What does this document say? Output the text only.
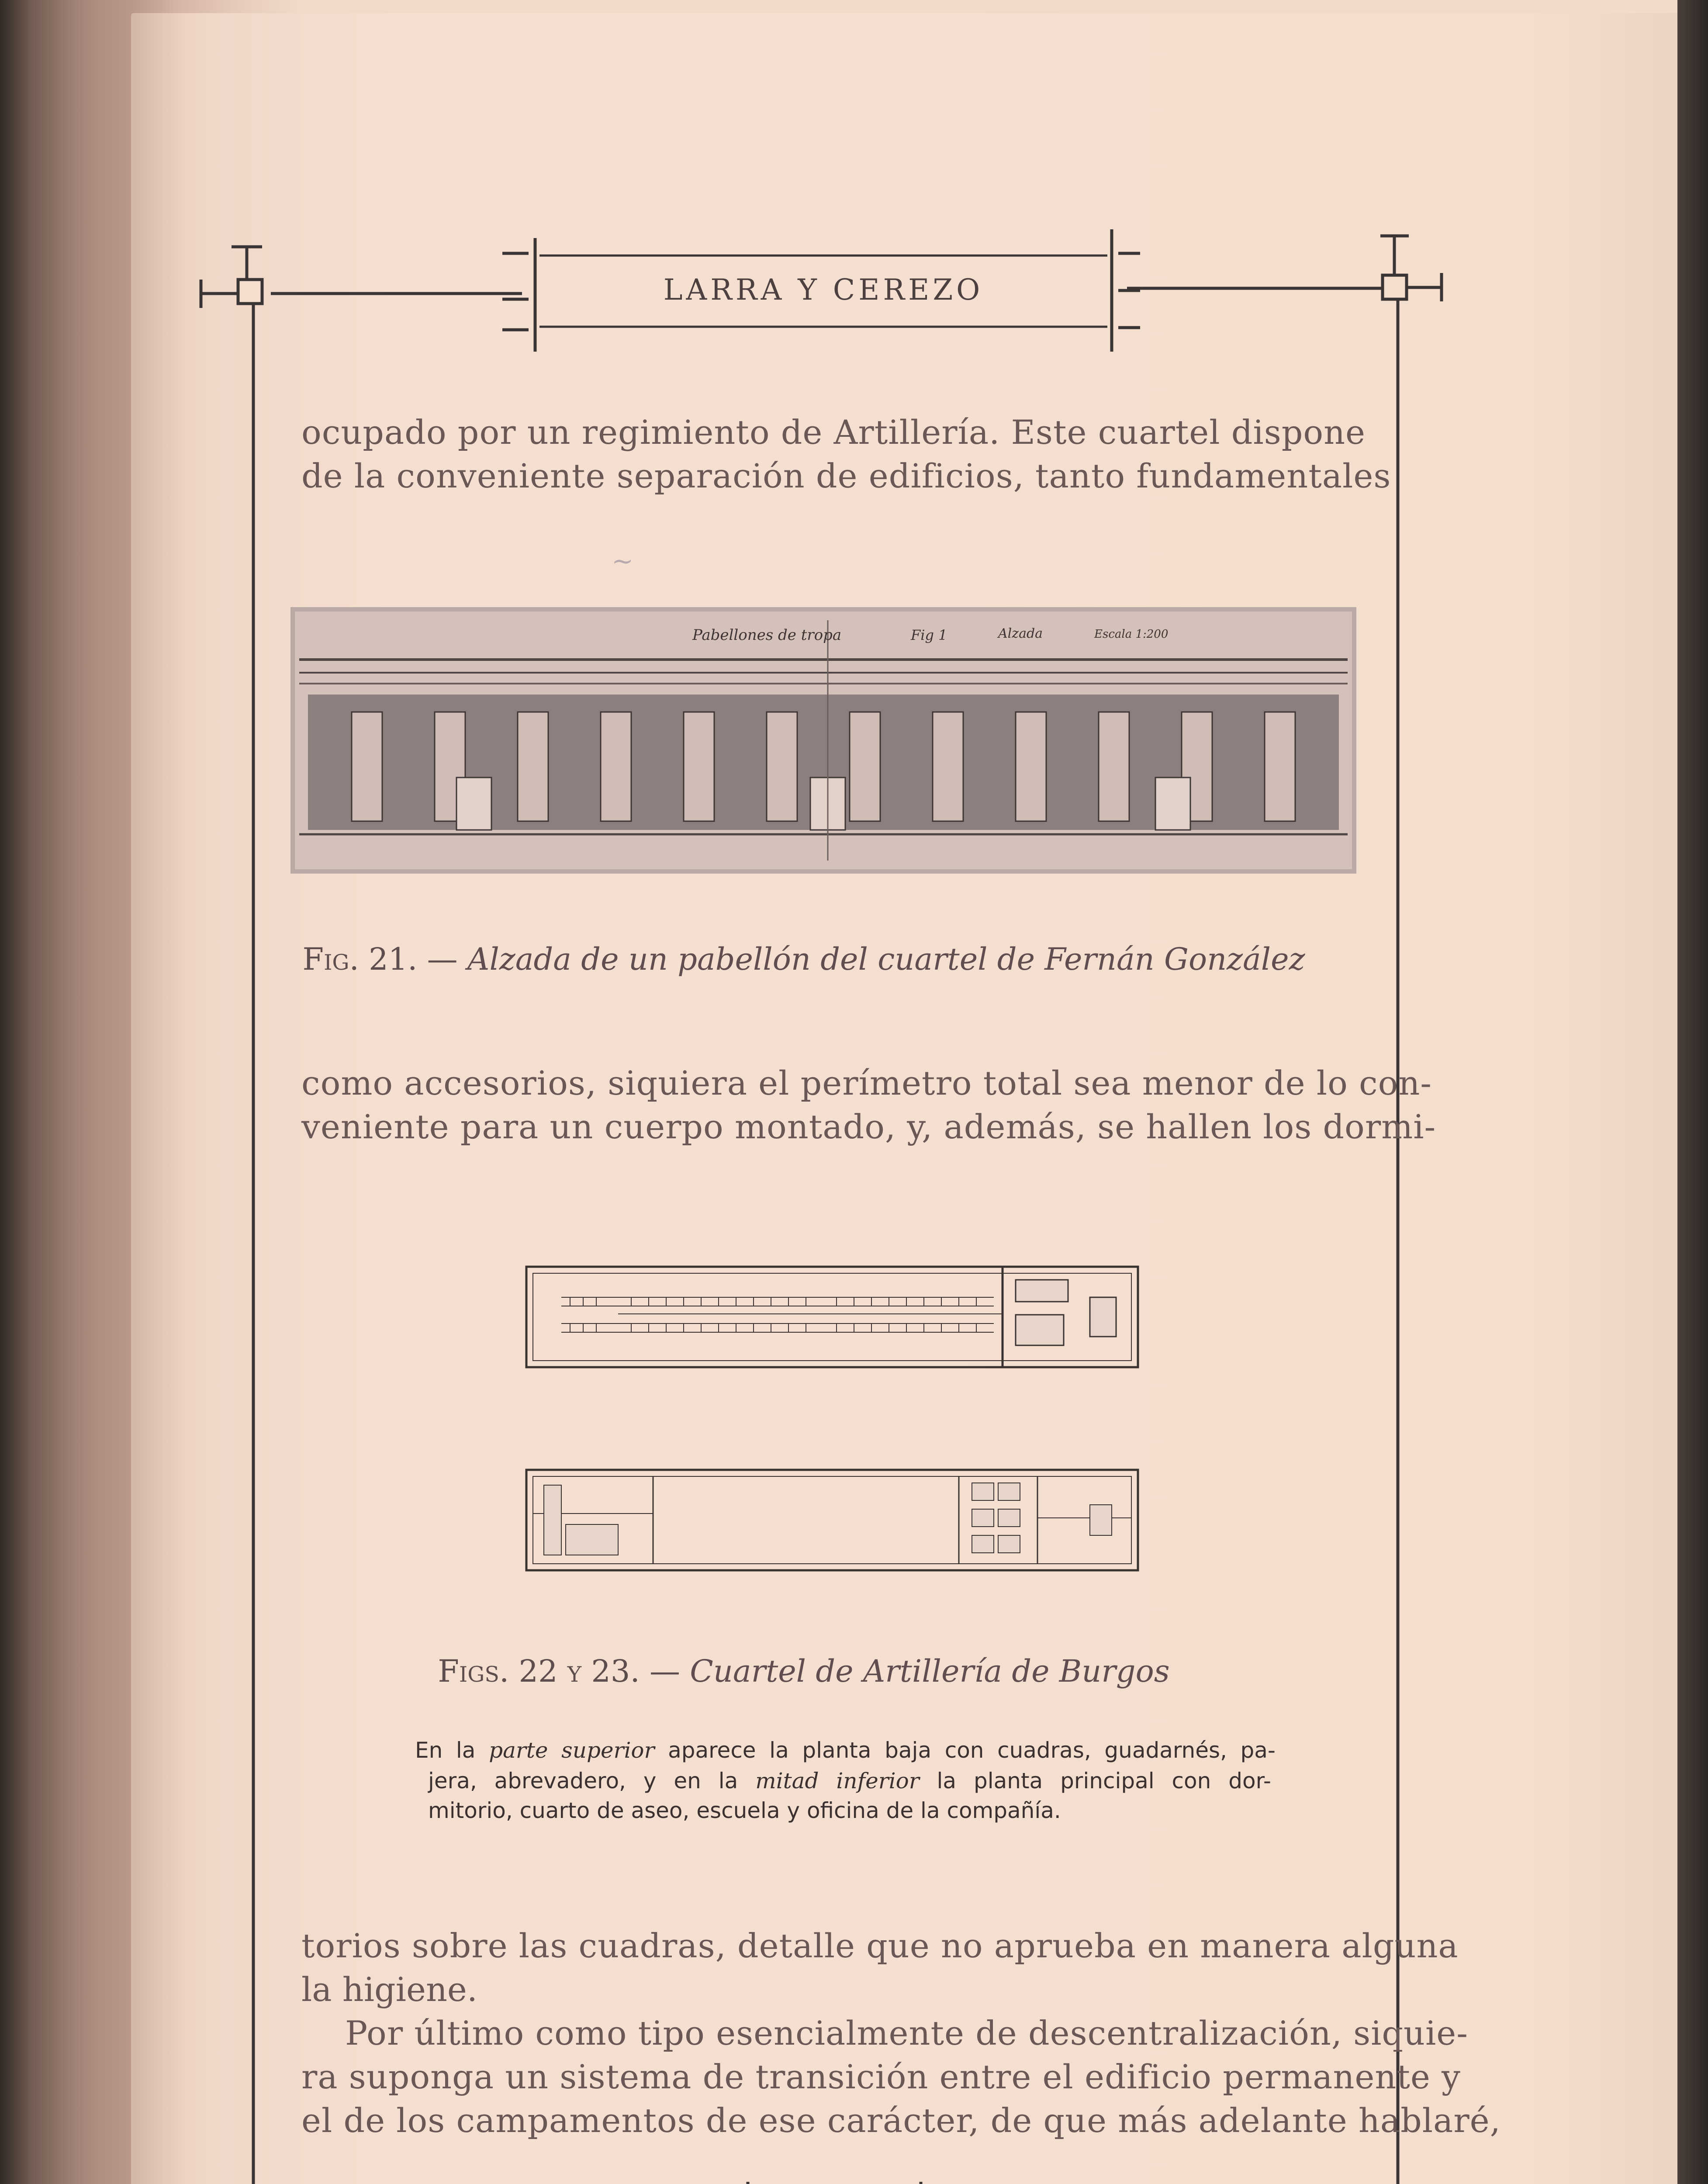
LARRA Y CEREZO
ocupado por un regimiento de Artillería. Este cuartel dispone
de la conveniente separación de edificios, tanto fundamentales
~
Pabellones de tropa	Fig 1	Alzada	Escala 1:200
Fig. 21. — Alzada de un pabellón del cuartel de Fernán González
como accesorios, siquiera el perímetro total sea menor de lo con-
veniente para un cuerpo montado, y, además, se hallen los dormi-
Figs. 22 y 23. — Cuartel de Artillería de Burgos
En la parte superior aparece la planta baja con cuadras, guadarnés, pa-
jera, abrevadero, y en la mitad inferior la planta principal con dor-
mitorio, cuarto de aseo, escuela y oficina de la compañía.
torios sobre las cuadras, detalle que no aprueba en manera alguna
la higiene.
Por último como tipo esencialmente de descentralización, siquie-
ra suponga un sistema de transición entre el edificio permanente y
el de los campamentos de ese carácter, de que más adelante hablaré,
